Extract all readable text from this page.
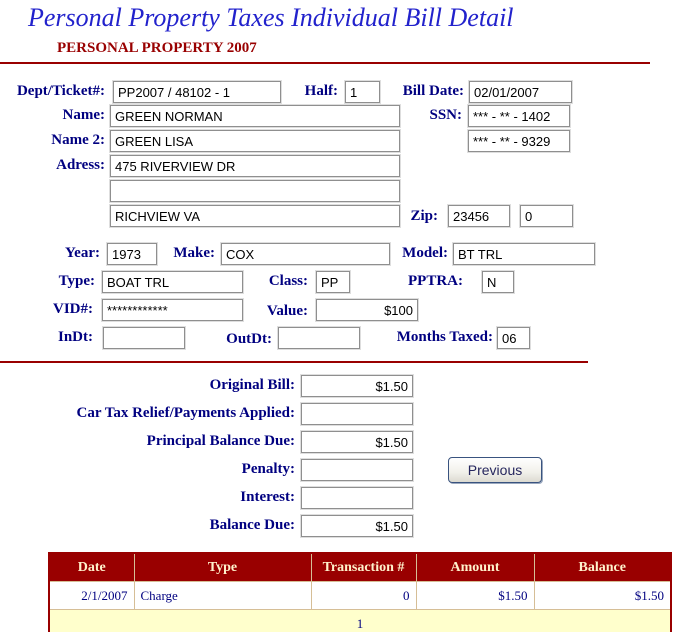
Personal Property Taxes Individual Bill Detail
PERSONAL PROPERTY 2007
Dept/Ticket#:
PP2007 / 48102 - 1	Half:
1	Bill Date:
02/01/2007
Name:
GREEN NORMAN	SSN:
*** - ** - 1402
Name 2:
GREEN LISA
*** - ** - 9329
Adress:
475 RIVERVIEW DR
RICHVIEW VA
Zip:
23456
0
Year:
1973	Make:
COX	Model:
BT TRL
Type:
BOAT TRL	Class:
PP	PPTRA:
N
VID#:
************	Value:
$100
InDt:	OutDt:	Months Taxed:
06
Original Bill:
$1.50
Car Tax Relief/Payments Applied:
Principal Balance Due:
$1.50
Penalty:	Previous
Interest:
Balance Due:
$1.50
Date	Type	Transaction #	Amount	Balance
2/1/2007	Charge	0	$1.50	$1.50
1				
